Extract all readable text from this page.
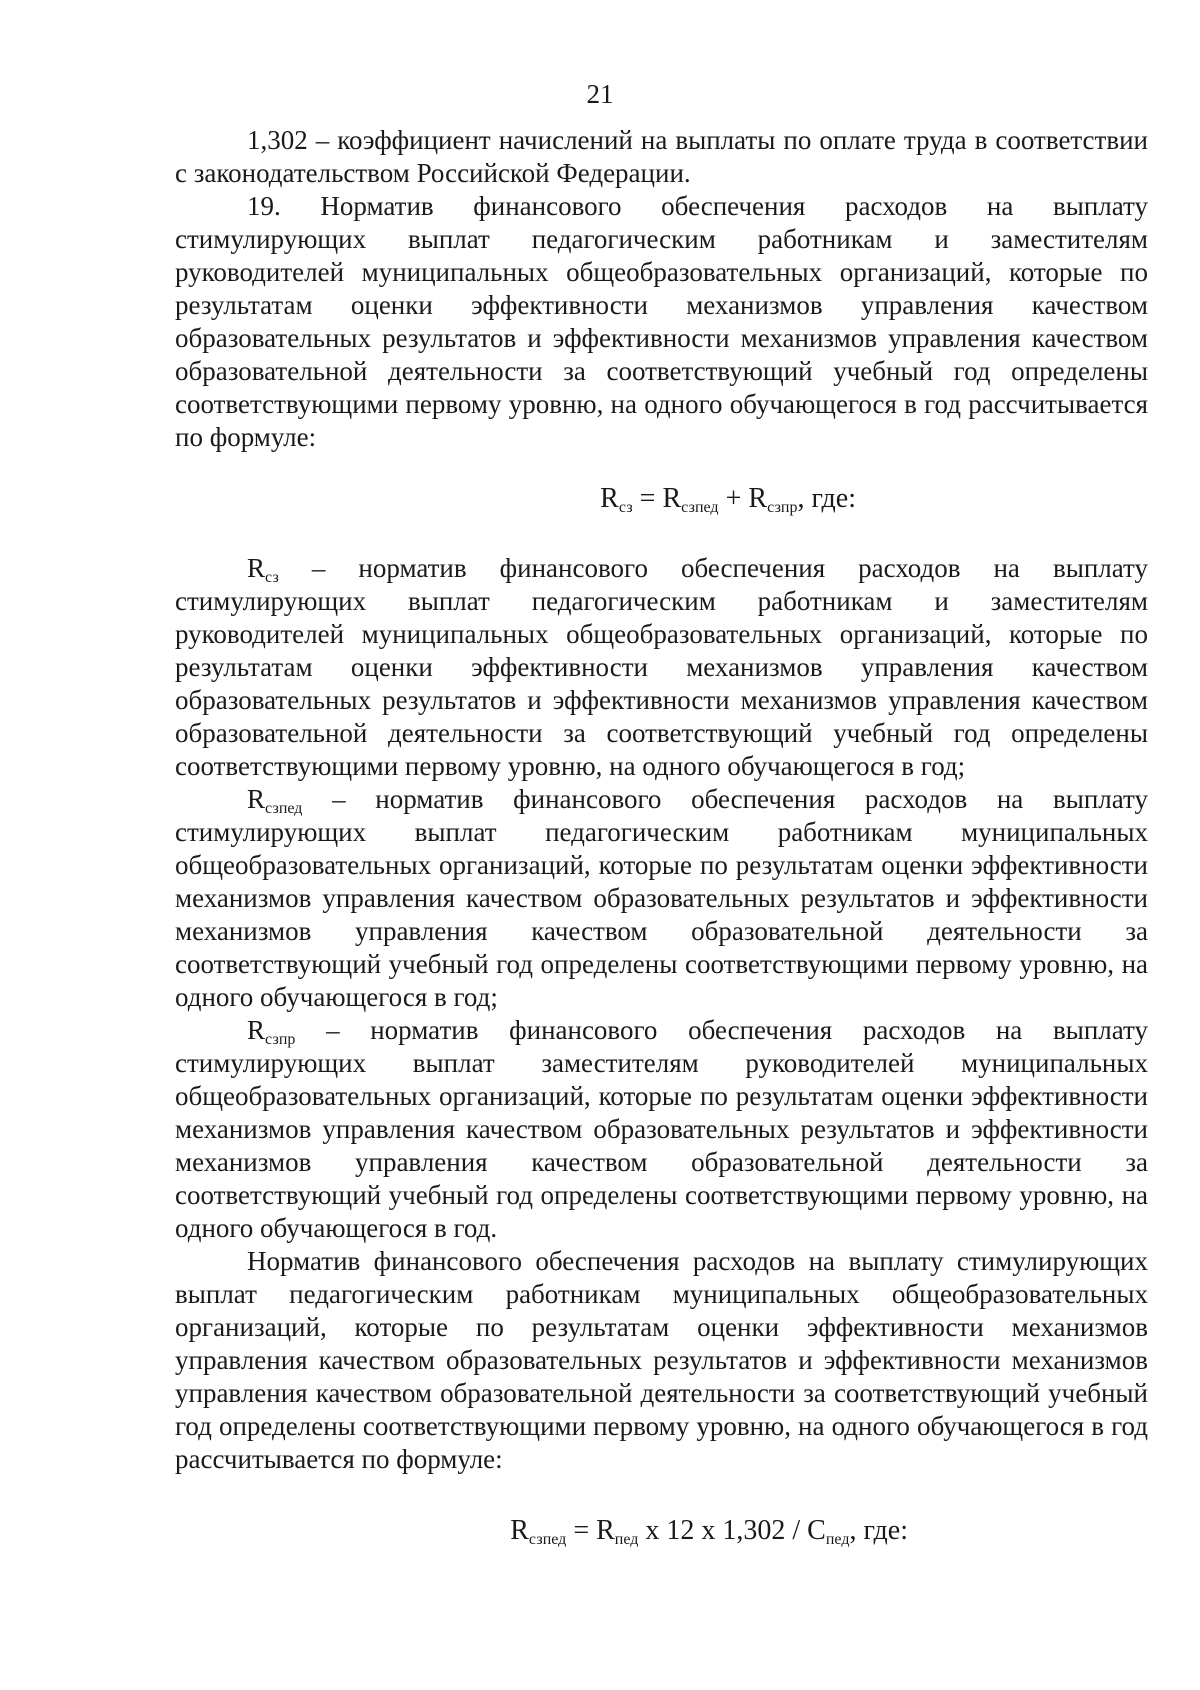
21

1,302 – коэффициент начислений на выплаты по оплате труда в соответствии с законодательством Российской Федерации.

19. Норматив финансового обеспечения расходов на выплату стимулирующих выплат педагогическим работникам и заместителям руководителей муниципальных общеобразовательных организаций, которые по результатам оценки эффективности механизмов управления качеством образовательных результатов и эффективности механизмов управления качеством образовательной деятельности за соответствующий учебный год определены соответствующими первому уровню, на одного обучающегося в год рассчитывается по формуле:

$R_{сз} = R_{сзпед} + R_{сзпр}$, где:

$R_{сз}$ – норматив финансового обеспечения расходов на выплату стимулирующих выплат педагогическим работникам и заместителям руководителей муниципальных общеобразовательных организаций, которые по результатам оценки эффективности механизмов управления качеством образовательных результатов и эффективности механизмов управления качеством образовательной деятельности за соответствующий учебный год определены соответствующими первому уровню, на одного обучающегося в год;

$R_{сзпед}$ – норматив финансового обеспечения расходов на выплату стимулирующих выплат педагогическим работникам муниципальных общеобразовательных организаций, которые по результатам оценки эффективности механизмов управления качеством образовательных результатов и эффективности механизмов управления качеством образовательной деятельности за соответствующий учебный год определены соответствующими первому уровню, на одного обучающегося в год;

$R_{сзпр}$ – норматив финансового обеспечения расходов на выплату стимулирующих выплат заместителям руководителей муниципальных общеобразовательных организаций, которые по результатам оценки эффективности механизмов управления качеством образовательных результатов и эффективности механизмов управления качеством образовательной деятельности за соответствующий учебный год определены соответствующими первому уровню, на одного обучающегося в год.

Норматив финансового обеспечения расходов на выплату стимулирующих выплат педагогическим работникам муниципальных общеобразовательных организаций, которые по результатам оценки эффективности механизмов управления качеством образовательных результатов и эффективности механизмов управления качеством образовательной деятельности за соответствующий учебный год определены соответствующими первому уровню, на одного обучающегося в год рассчитывается по формуле:

$R_{сзпед} = R_{пед}$ x 12 x $1,302 / C_{пед}$, где:
